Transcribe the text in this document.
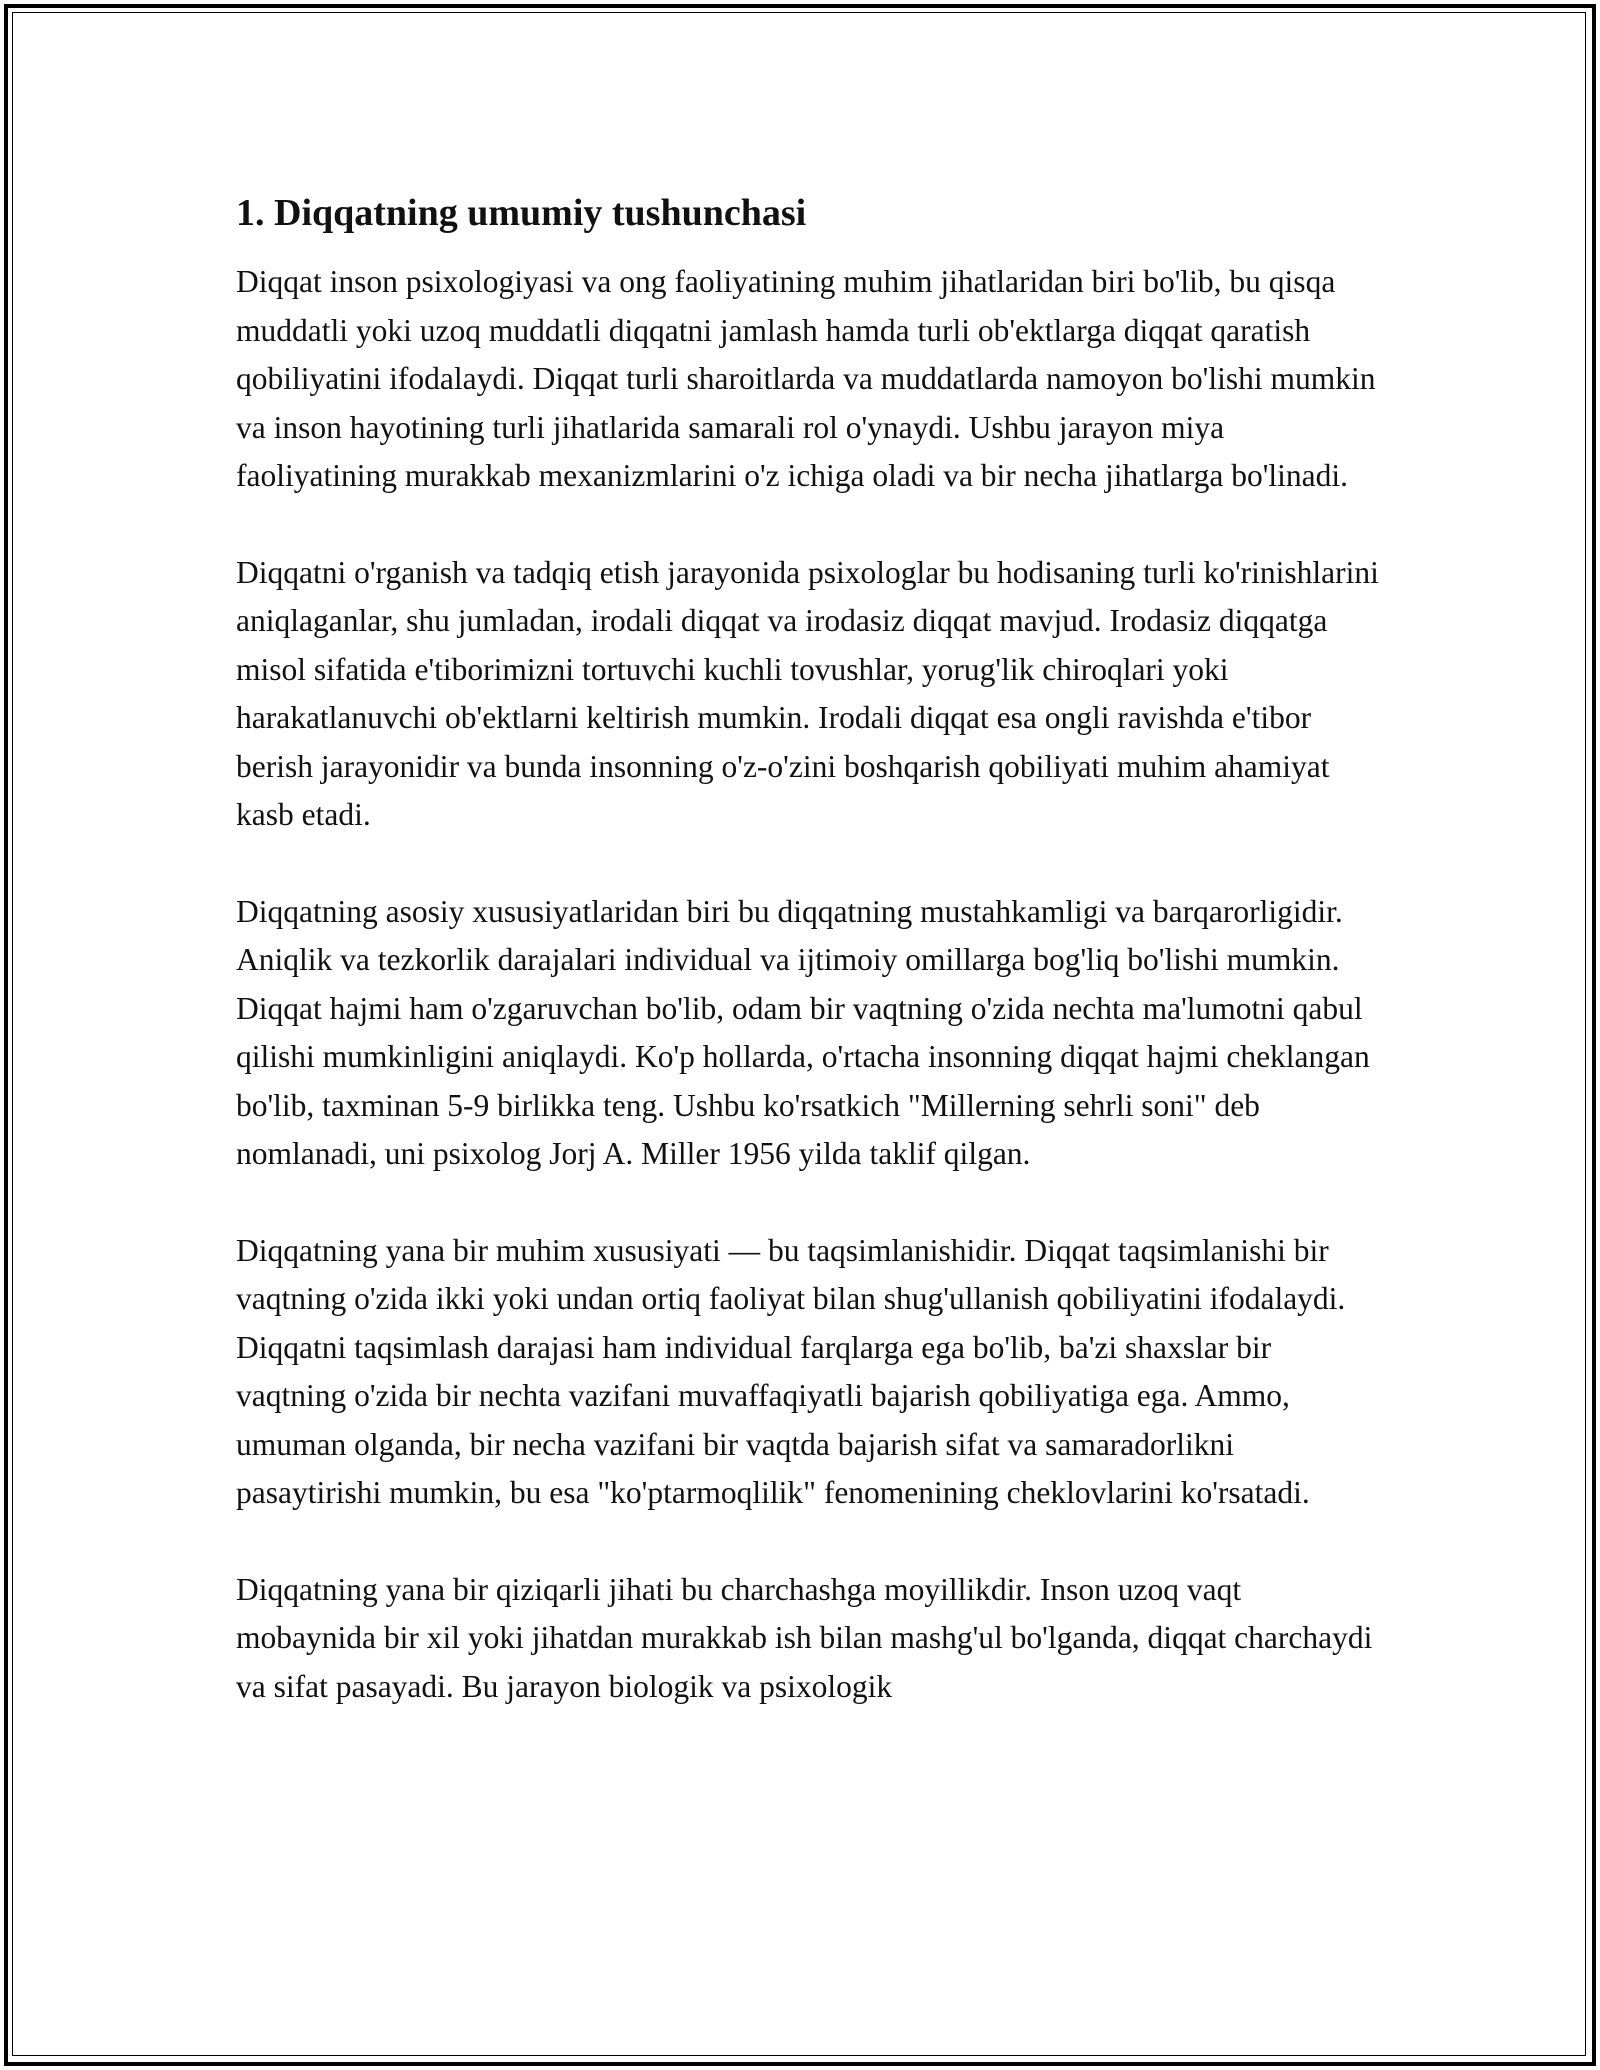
1. Diqqatning umumiy tushunchasi

Diqqat inson psixologiyasi va ong faoliyatining muhim jihatlaridan biri bo'lib, bu qisqa muddatli yoki uzoq muddatli diqqatni jamlash hamda turli ob'ektlarga diqqat qaratish qobiliyatini ifodalaydi. Diqqat turli sharoitlarda va muddatlarda namoyon bo'lishi mumkin va inson hayotining turli jihatlarida samarali rol o'ynaydi. Ushbu jarayon miya faoliyatining murakkab mexanizmlarini o'z ichiga oladi va bir necha jihatlarga bo'linadi.

Diqqatni o'rganish va tadqiq etish jarayonida psixologlar bu hodisaning turli ko'rinishlarini aniqlaganlar, shu jumladan, irodali diqqat va irodasiz diqqat mavjud. Irodasiz diqqatga misol sifatida e'tiborimizni tortuvchi kuchli tovushlar, yorug'lik chiroqlari yoki harakatlanuvchi ob'ektlarni keltirish mumkin. Irodali diqqat esa ongli ravishda e'tibor berish jarayonidir va bunda insonning o'z-o'zini boshqarish qobiliyati muhim ahamiyat kasb etadi.

Diqqatning asosiy xususiyatlaridan biri bu diqqatning mustahkamligi va barqarorligidir. Aniqlik va tezkorlik darajalari individual va ijtimoiy omillarga bog'liq bo'lishi mumkin. Diqqat hajmi ham o'zgaruvchan bo'lib, odam bir vaqtning o'zida nechta ma'lumotni qabul qilishi mumkinligini aniqlaydi. Ko'p hollarda, o'rtacha insonning diqqat hajmi cheklangan bo'lib, taxminan 5-9 birlikka teng. Ushbu ko'rsatkich "Millerning sehrli soni" deb nomlanadi, uni psixolog Jorj A. Miller 1956 yilda taklif qilgan.

Diqqatning yana bir muhim xususiyati — bu taqsimlanishidir. Diqqat taqsimlanishi bir vaqtning o'zida ikki yoki undan ortiq faoliyat bilan shug'ullanish qobiliyatini ifodalaydi. Diqqatni taqsimlash darajasi ham individual farqlarga ega bo'lib, ba'zi shaxslar bir vaqtning o'zida bir nechta vazifani muvaffaqiyatli bajarish qobiliyatiga ega. Ammo, umuman olganda, bir necha vazifani bir vaqtda bajarish sifat va samaradorlikni pasaytirishi mumkin, bu esa "ko'ptarmoqlilik" fenomenining cheklovlarini ko'rsatadi.

Diqqatning yana bir qiziqarli jihati bu charchashga moyillikdir. Inson uzoq vaqt mobaynida bir xil yoki jihatdan murakkab ish bilan mashg'ul bo'lganda, diqqat charchaydi va sifat pasayadi. Bu jarayon biologik va psixologik
